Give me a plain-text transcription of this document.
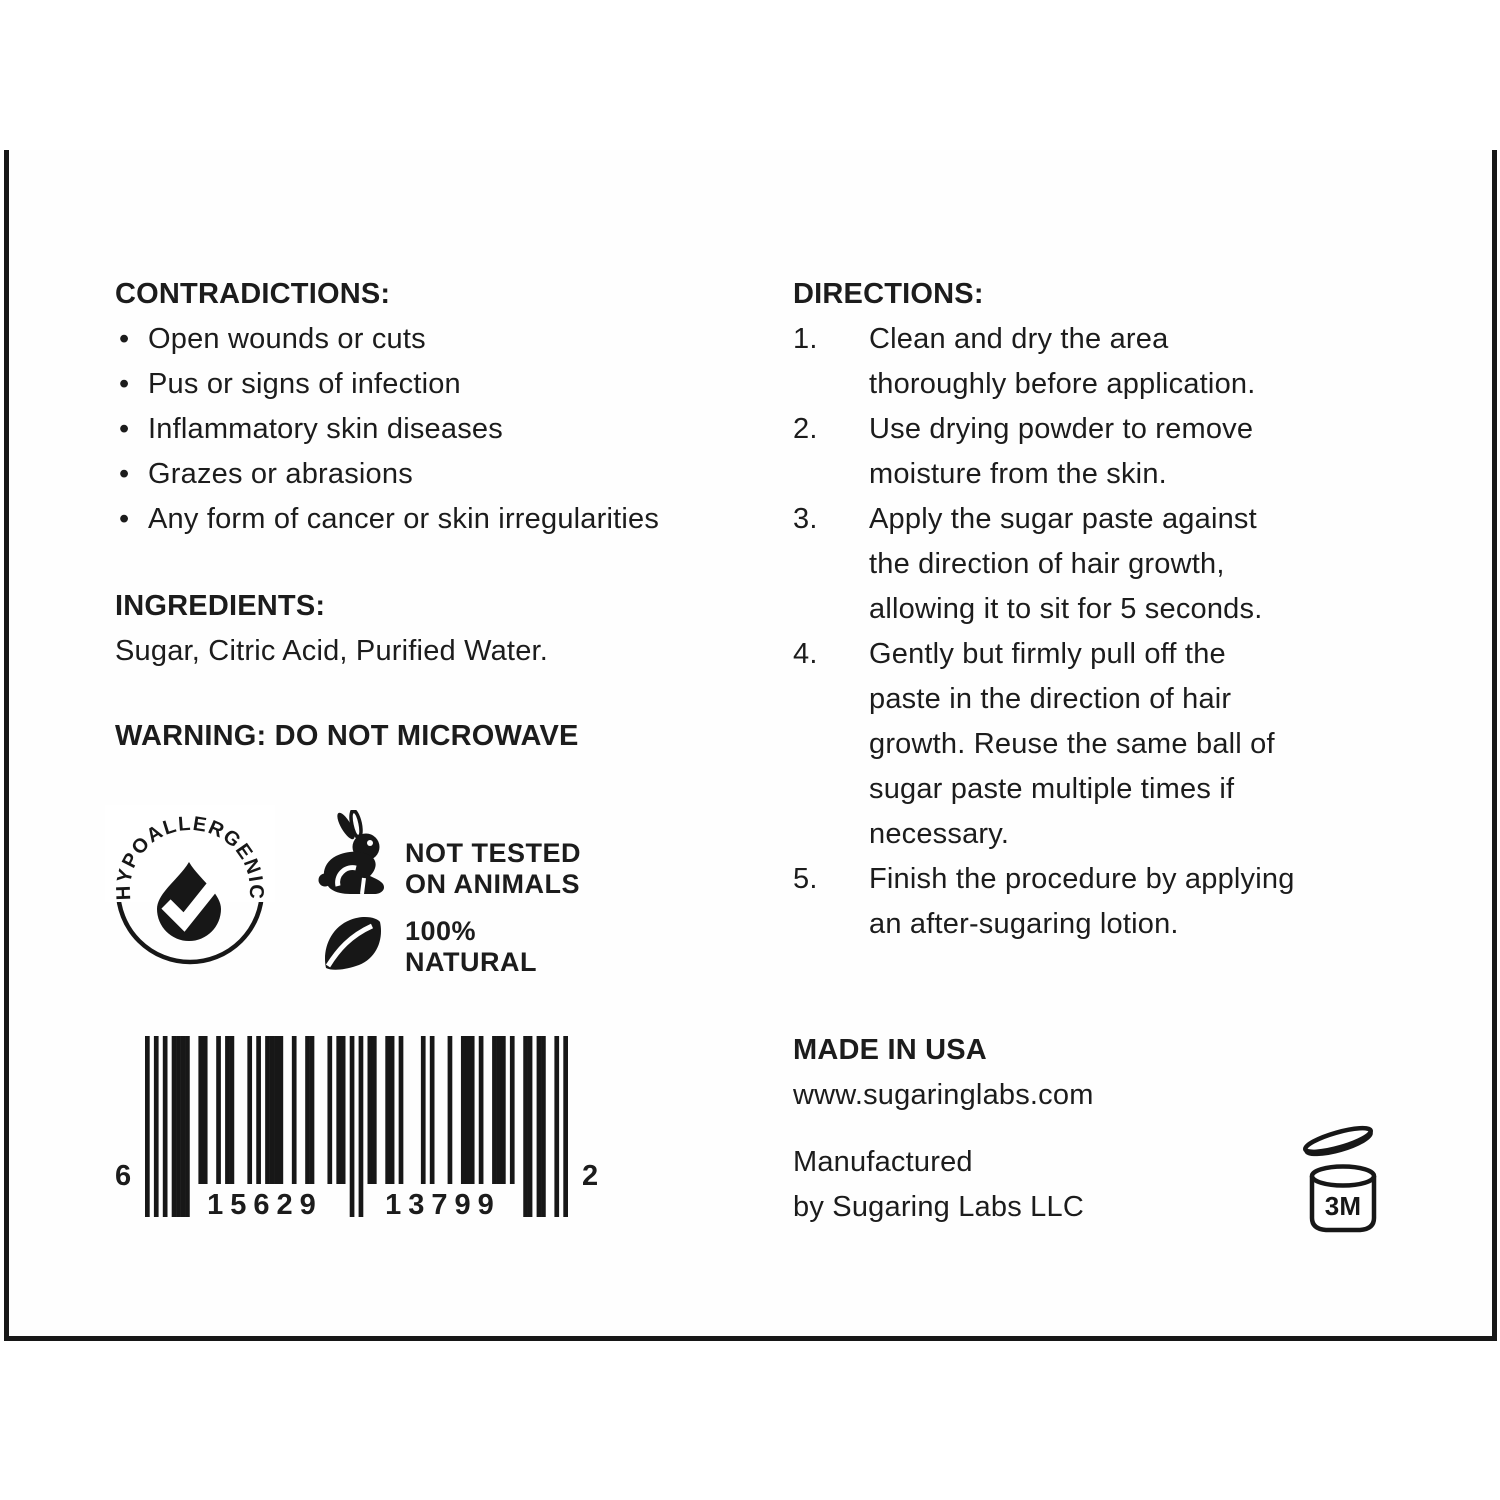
CONTRADICTIONS:
• Open wounds or cuts
• Pus or signs of infection
• Inflammatory skin diseases
• Grazes or abrasions
• Any form of cancer or skin irregularities
INGREDIENTS:
Sugar, Citric Acid, Purified Water.
WARNING: DO NOT MICROWAVE
HYPOALLERGENIC
NOT TESTED
ON ANIMALS
100%
NATURAL
6
15629	13799
2
DIRECTIONS:
1.	Clean and dry the area
thoroughly before application.
2.	Use drying powder to remove
moisture from the skin.
3.	Apply the sugar paste against
the direction of hair growth,
allowing it to sit for 5 seconds.
4.	Gently but firmly pull off the
paste in the direction of hair
growth. Reuse the same ball of
sugar paste multiple times if
necessary.
5.	Finish the procedure by applying
an after-sugaring lotion.
MADE IN USA
www.sugaringlabs.com
Manufactured
by Sugaring Labs LLC	3M
